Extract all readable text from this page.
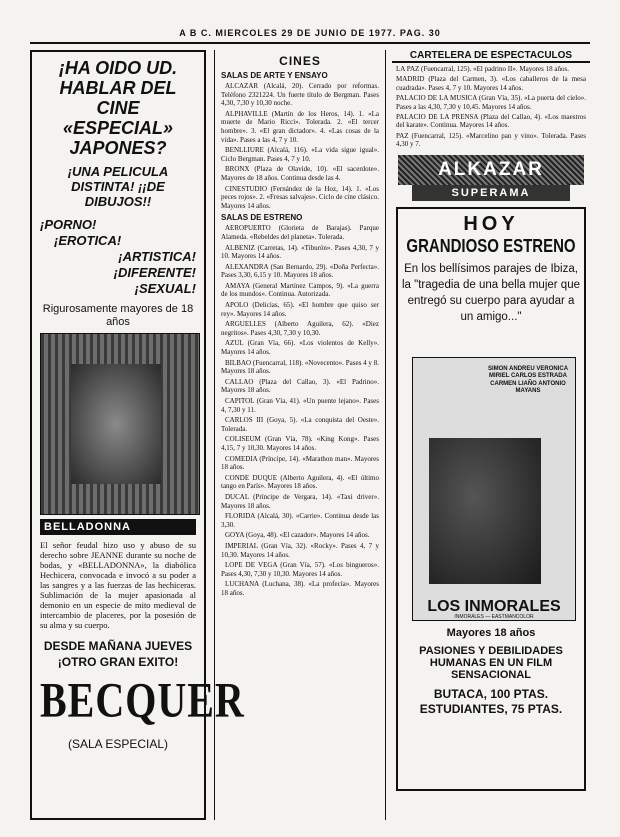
A B C. MIERCOLES 29 DE JUNIO DE 1977. PAG. 30
¡HA OIDO UD. HABLAR DEL CINE «ESPECIAL» JAPONES?
¡UNA PELICULA DISTINTA! ¡¡DE DIBUJOS!!
¡PORNO!
¡EROTICA!
¡ARTISTICA!
¡DIFERENTE!
¡SEXUAL!
Rigurosamente mayores de 18 años
BELLADONNA
El señor feudal hizo uso y abuso de su derecho sobre JEANNE durante su noche de bodas, y «BELLADONNA», la diabólica Hechicera, convocada e invocó a su poder a las sangres y a las fuerzas de las hechiceras. Sublimación de la mujer apasionada al demonio en un especie de mito medieval de intercambio de placeres, por la posesión de su alma y su cuerpo.
DESDE MAÑANA JUEVES ¡OTRO GRAN EXITO!
BECQUER
(SALA ESPECIAL)
CINES
SALAS DE ARTE Y ENSAYO

ALCAZAR (Alcalá, 20). Cerrado por reformas. Teléfono 2321224. Un fuerte título de Bergman. Pases 4,30, 7,30 y 10,30 noche.

ALPHAVILLE (Martín de los Heros, 14). 1. «La muerte de Mario Ricci». Tolerada. 2. «El tercer hombre». 3. «El gran dictador». 4. «Las cosas de la vida». Pases a las 4, 7 y 10.

BENLLIURE (Alcalá, 116). «La vida sigue igual». Ciclo Bergman. Pases 4, 7 y 10.

BRONX (Plaza de Olavide, 10). «El sacerdote». Mayores de 18 años. Continua desde las 4.

CINESTUDIO (Fernández de la Hoz, 14). 1. «Los peces rojos». 2. «Fresas salvajes». Ciclo de cine clásico. Mayores 14 años.

SALAS DE ESTRENO

AEROPUERTO (Glorieta de Barajas). Parque Alameda. «Rebeldes del planeta». Tolerada.

ALBENIZ (Carretas, 14). «Tiburón». Pases 4,30, 7 y 10. Mayores 14 años.

ALEXANDRA (San Bernardo, 29). «Doña Perfecta». Pases 3,30, 6,15 y 10. Mayores 18 años.

AMAYA (General Martínez Campos, 9). «La guerra de los mundos». Continua. Autorizada.

APOLO (Delicias, 65). «El hombre que quiso ser rey». Mayores 14 años.

ARGUELLES (Alberto Aguilera, 62). «Diez negritos». Pases 4,30, 7,30 y 10,30.

AZUL (Gran Vía, 66). «Los violentos de Kelly». Mayores 14 años.

BILBAO (Fuencarral, 118). «Novecento». Pases 4 y 8. Mayores 18 años.

CALLAO (Plaza del Callao, 3). «El Padrino». Mayores 18 años.

CAPITOL (Gran Vía, 41). «Un puente lejano». Pases 4, 7,30 y 11.

CARLOS III (Goya, 5). «La conquista del Oeste». Tolerada.

COLISEUM (Gran Vía, 78). «King Kong». Pases 4,15, 7 y 10,30. Mayores 14 años.

COMEDIA (Príncipe, 14). «Marathon man». Mayores 18 años.

CONDE DUQUE (Alberto Aguilera, 4). «El último tango en París». Mayores 18 años.

DUCAL (Príncipe de Vergara, 14). «Taxi driver». Mayores 18 años.

FLORIDA (Alcalá, 30). «Carrie». Continua desde las 3,30.

GOYA (Goya, 48). «El cazador». Mayores 14 años.

IMPERIAL (Gran Vía, 32). «Rocky». Pases 4, 7 y 10,30. Mayores 14 años.

LOPE DE VEGA (Gran Vía, 57). «Los bingueros». Pases 4,30, 7,30 y 10,30. Mayores 14 años.

LUCHANA (Luchana, 38). «La profecía». Mayores 18 años.

CARTELERA DE ESPECTACULOS

LA PAZ (Fuencarral, 125). «El padrino II». Mayores 18 años.

MADRID (Plaza del Carmen, 3). «Los caballeros de la mesa cuadrada». Pases 4, 7 y 10. Mayores 14 años.

PALACIO DE LA MUSICA (Gran Vía, 35). «La puerta del cielo». Pases a las 4,30, 7,30 y 10,45. Mayores 14 años.

PALACIO DE LA PRENSA (Plaza del Callao, 4). «Los maestros del karate». Continua. Mayores 14 años.

PAZ (Fuencarral, 125). «Marcelino pan y vino». Tolerada. Pases 4,30 y 7.

ALKAZAR
SUPERAMA
HOY
GRANDIOSO ESTRENO
En los bellísimos parajes de Ibiza, la "tragedia de una bella mujer que entregó su cuerpo para ayudar a un amigo..."
SIMON ANDREU VERONICA MIRIEL CARLOS ESTRADA CARMEN LIAÑO ANTONIO MAYANS
LOS INMORALES
INMORALES — EASTMANCOLOR
Mayores 18 años
PASIONES Y DEBILIDADES HUMANAS EN UN FILM SENSACIONAL
BUTACA, 100 PTAS. ESTUDIANTES, 75 PTAS.
